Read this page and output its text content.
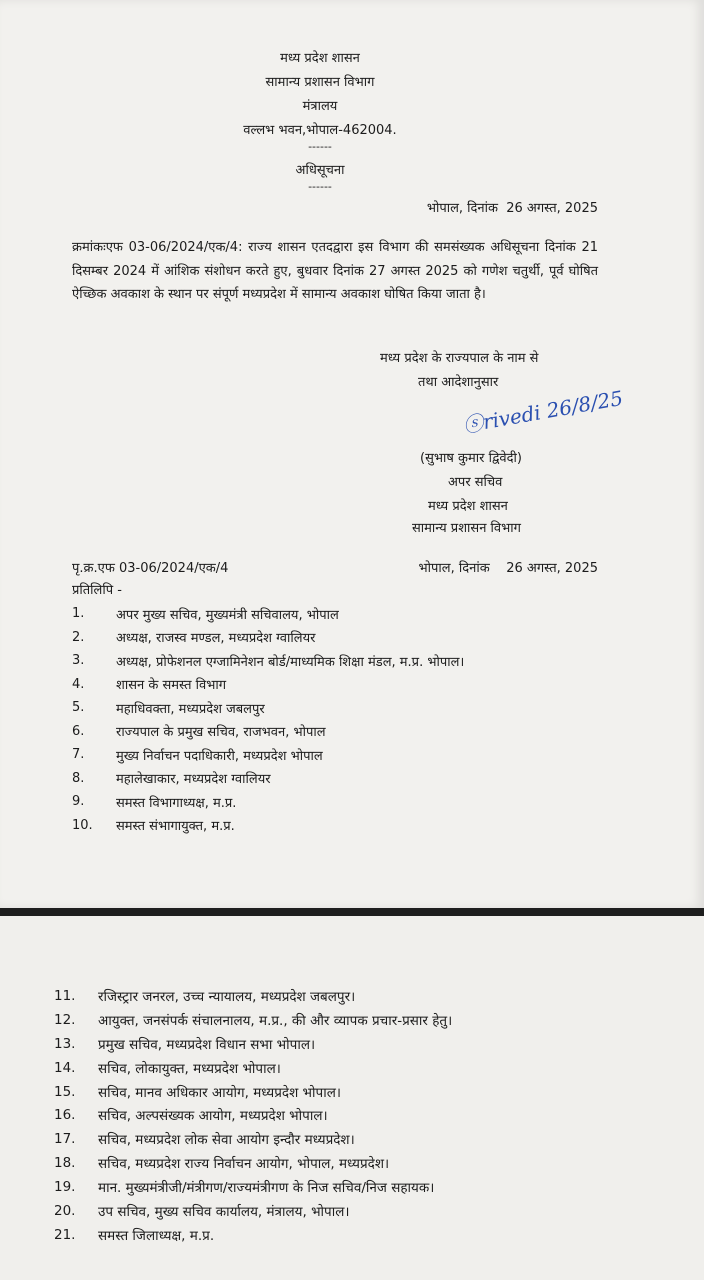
मध्य प्रदेश शासन
सामान्य प्रशासन विभाग
मंत्रालय
वल्लभ भवन,भोपाल-462004.
------
अधिसूचना
------
भोपाल, दिनांक  26 अगस्त, 2025
क्रमांकःएफ 03-06/2024/एक/4: राज्य शासन एतदद्वारा इस विभाग की समसंख्यक अधिसूचना दिनांक 21 दिसम्बर 2024 में आंशिक संशोधन करते हुए, बुधवार दिनांक 27 अगस्त 2025 को गणेश चतुर्थी, पूर्व घोषित ऐच्छिक अवकाश के स्थान पर संपूर्ण मध्यप्रदेश में सामान्य अवकाश घोषित किया जाता है।
मध्य प्रदेश के राज्यपाल के नाम से
तथा आदेशानुसार
ⓢrivedi 26/8/25
(सुभाष कुमार द्विवेदी)
अपर सचिव
मध्य प्रदेश शासन
सामान्य प्रशासन विभाग
पृ.क्र.एफ 03-06/2024/एक/4	भोपाल, दिनांक    26 अगस्त, 2025
प्रतिलिपि -
1.	अपर मुख्य सचिव, मुख्यमंत्री सचिवालय, भोपाल
2.	अध्यक्ष, राजस्व मण्डल, मध्यप्रदेश ग्वालियर
3.	अध्यक्ष, प्रोफेशनल एग्जामिनेशन बोर्ड/माध्यमिक शिक्षा मंडल, म.प्र. भोपाल।
4.	शासन के समस्त विभाग
5.	महाधिवक्ता, मध्यप्रदेश जबलपुर
6.	राज्यपाल के प्रमुख सचिव, राजभवन, भोपाल
7.	मुख्य निर्वाचन पदाधिकारी, मध्यप्रदेश भोपाल
8.	महालेखाकार, मध्यप्रदेश ग्वालियर
9.	समस्त विभागाध्यक्ष, म.प्र.
10.	समस्त संभागायुक्त, म.प्र.
11.	रजिस्ट्रार जनरल, उच्च न्यायालय, मध्यप्रदेश जबलपुर।
12.	आयुक्त, जनसंपर्क संचालनालय, म.प्र., की और व्यापक प्रचार-प्रसार हेतु।
13.	प्रमुख सचिव, मध्यप्रदेश विधान सभा भोपाल।
14.	सचिव, लोकायुक्त, मध्यप्रदेश भोपाल।
15.	सचिव, मानव अधिकार आयोग, मध्यप्रदेश भोपाल।
16.	सचिव, अल्पसंख्यक आयोग, मध्यप्रदेश भोपाल।
17.	सचिव, मध्यप्रदेश लोक सेवा आयोग इन्दौर मध्यप्रदेश।
18.	सचिव, मध्यप्रदेश राज्य निर्वाचन आयोग, भोपाल, मध्यप्रदेश।
19.	मान. मुख्यमंत्रीजी/मंत्रीगण/राज्यमंत्रीगण के निज सचिव/निज सहायक।
20.	उप सचिव, मुख्य सचिव कार्यालय, मंत्रालय, भोपाल।
21.	समस्त जिलाध्यक्ष, म.प्र.
